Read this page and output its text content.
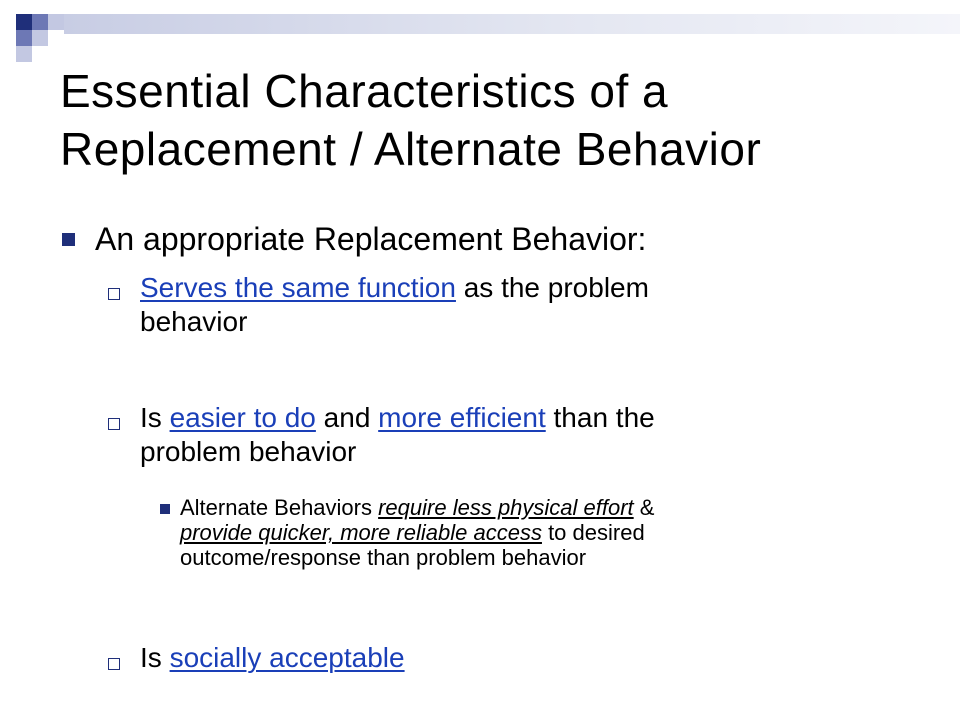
Essential Characteristics of a
Replacement / Alternate Behavior
An appropriate Replacement Behavior:
Serves the same function as the problem
behavior
Is easier to do and more efficient than the
problem behavior
Alternate Behaviors require less physical effort &
provide quicker, more reliable access to desired
outcome/response than problem behavior
Is socially acceptable
